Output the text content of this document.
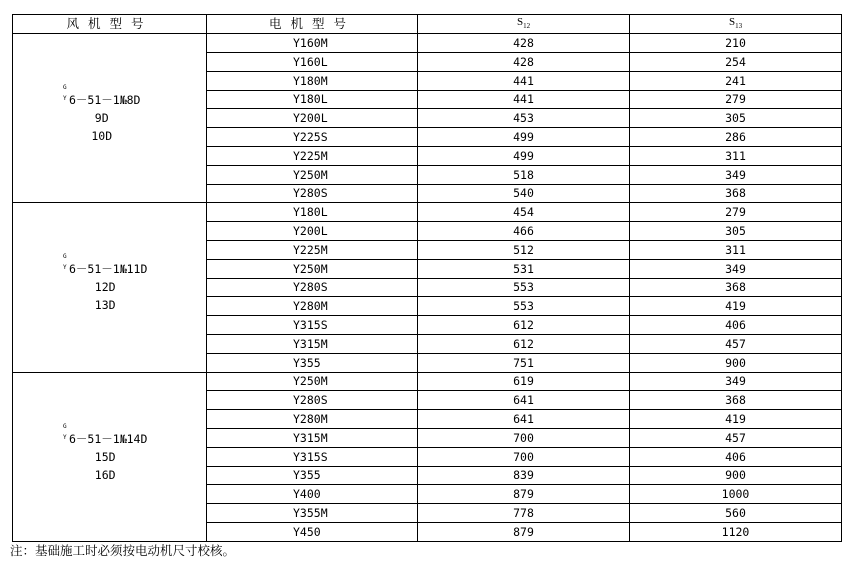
风机型号	电机型号	$S_{12}$	$S_{13}$

G
Y 6－51－1№8D
9D
10D	Y160M	428	210
	Y160L	428	254
	Y180M	441	241
	Y180L	441	279
	Y200L	453	305
	Y225S	499	286
	Y225M	499	311
	Y250M	518	349
	Y280S	540	368

G
Y 6－51－1№11D
12D
13D	Y180L	454	279
	Y200L	466	305
	Y225M	512	311
	Y250M	531	349
	Y280S	553	368
	Y280M	553	419
	Y315S	612	406
	Y315M	612	457
	Y355	751	900

G
Y 6－51－1№14D
15D
16D	Y250M	619	349
	Y280S	641	368
	Y280M	641	419
	Y315M	700	457
	Y315S	700	406
	Y355	839	900
	Y400	879	1000
	Y355M	778	560
	Y450	879	1120
注：基础施工时必须按电动机尺寸校核。
